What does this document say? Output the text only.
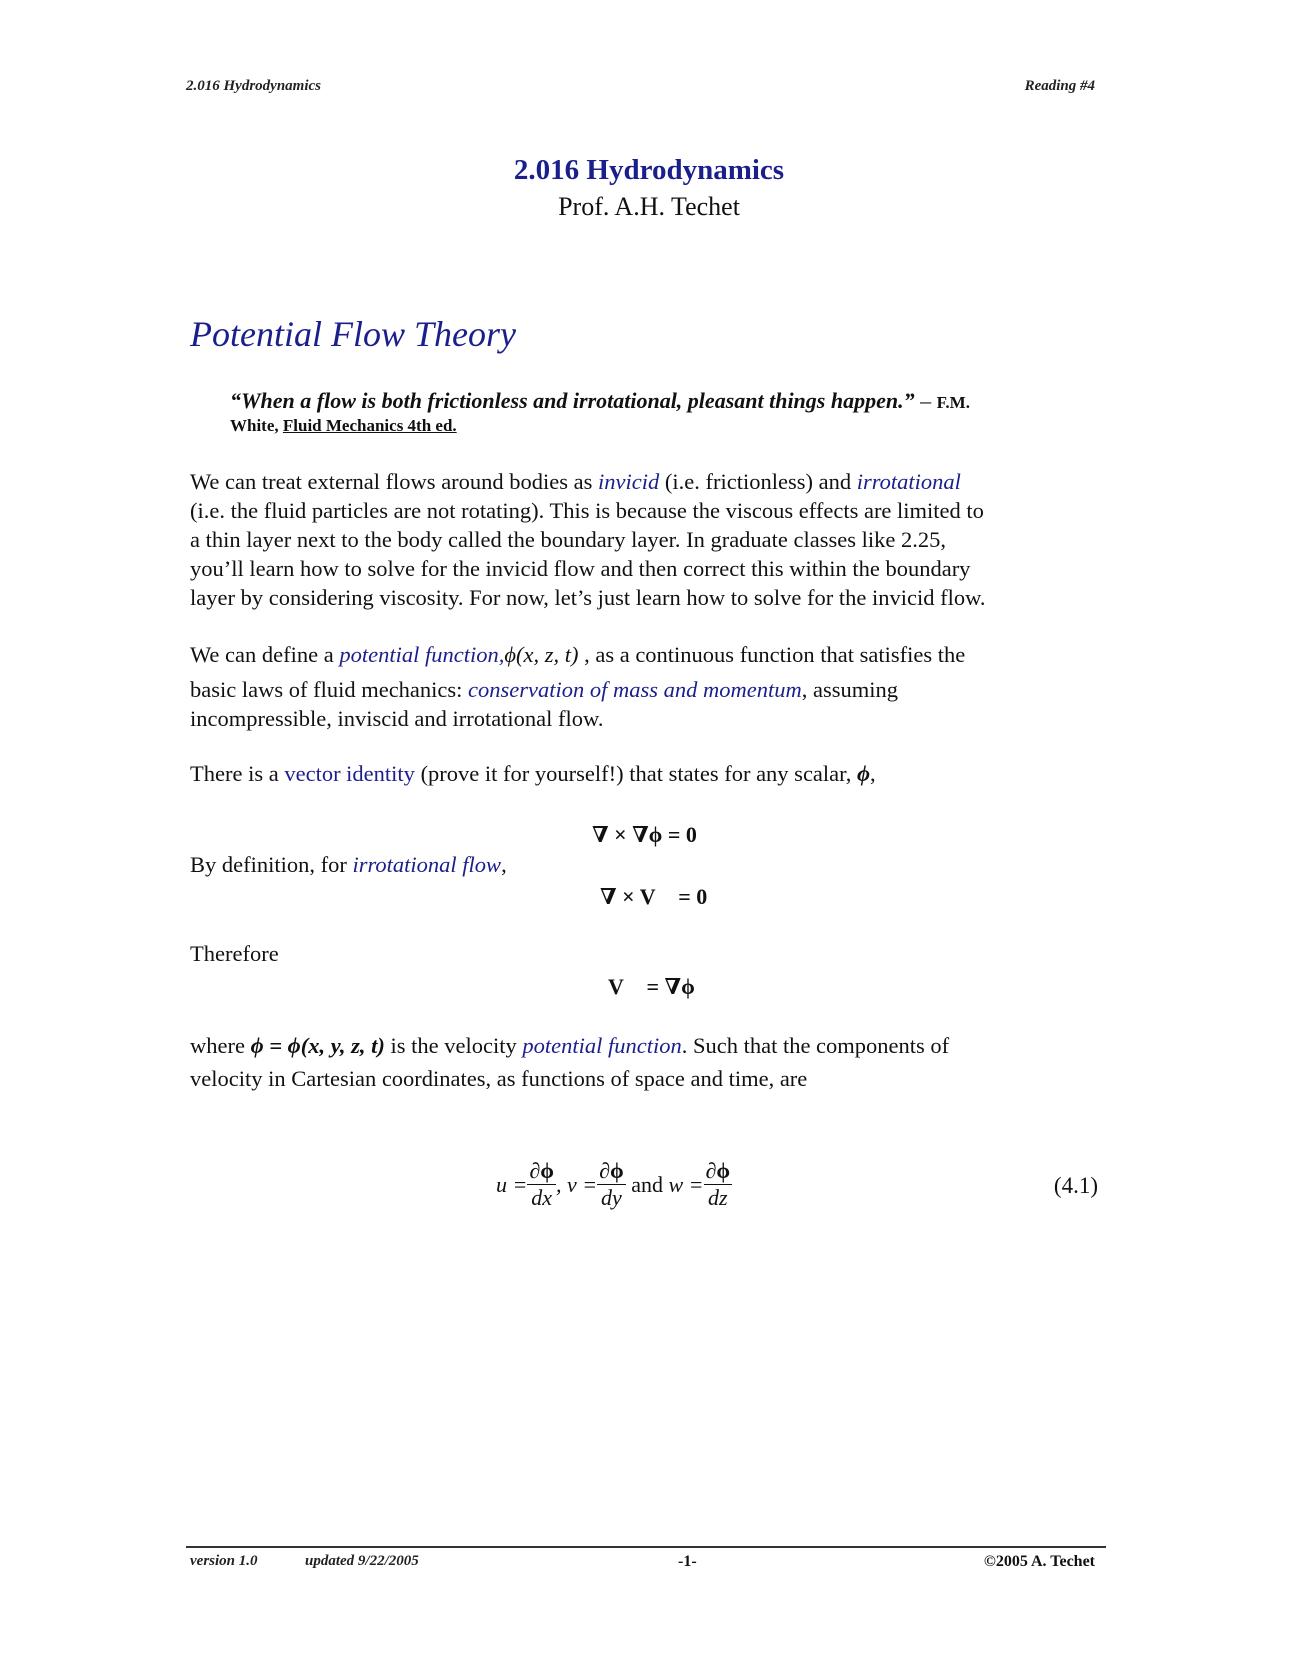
2.016 Hydrodynamics	Reading #4
2.016 Hydrodynamics
Prof. A.H. Techet
Potential Flow Theory
“When a flow is both frictionless and irrotational, pleasant things happen.” – F.M.
White, Fluid Mechanics 4th ed.
We can treat external flows around bodies as invicid (i.e. frictionless) and irrotational
(i.e. the fluid particles are not rotating). This is because the viscous effects are limited to
a thin layer next to the body called the boundary layer. In graduate classes like 2.25,
you’ll learn how to solve for the invicid flow and then correct this within the boundary
layer by considering viscosity. For now, let’s just learn how to solve for the invicid flow.
We can define a potential function,ϕ(x, z, t) , as a continuous function that satisfies the
basic laws of fluid mechanics: conservation of mass and momentum, assuming
incompressible, inviscid and irrotational flow.
There is a vector identity (prove it for yourself!) that states for any scalar, ϕ,
∇ × ∇ϕ = 0
By definition, for irrotational flow,
∇ × V⃗ = 0
Therefore
V⃗ = ∇ϕ
where ϕ = ϕ(x, y, z, t) is the velocity potential function. Such that the components of
velocity in Cartesian coordinates, as functions of space and time, are
$u = \frac{\partial\phi}{dx}$ , $v = \frac{\partial\phi}{dy}$ and $w = \frac{\partial\phi}{dz}$	(4.1)
version 1.0	updated 9/22/2005	-1-	©2005 A. Techet
